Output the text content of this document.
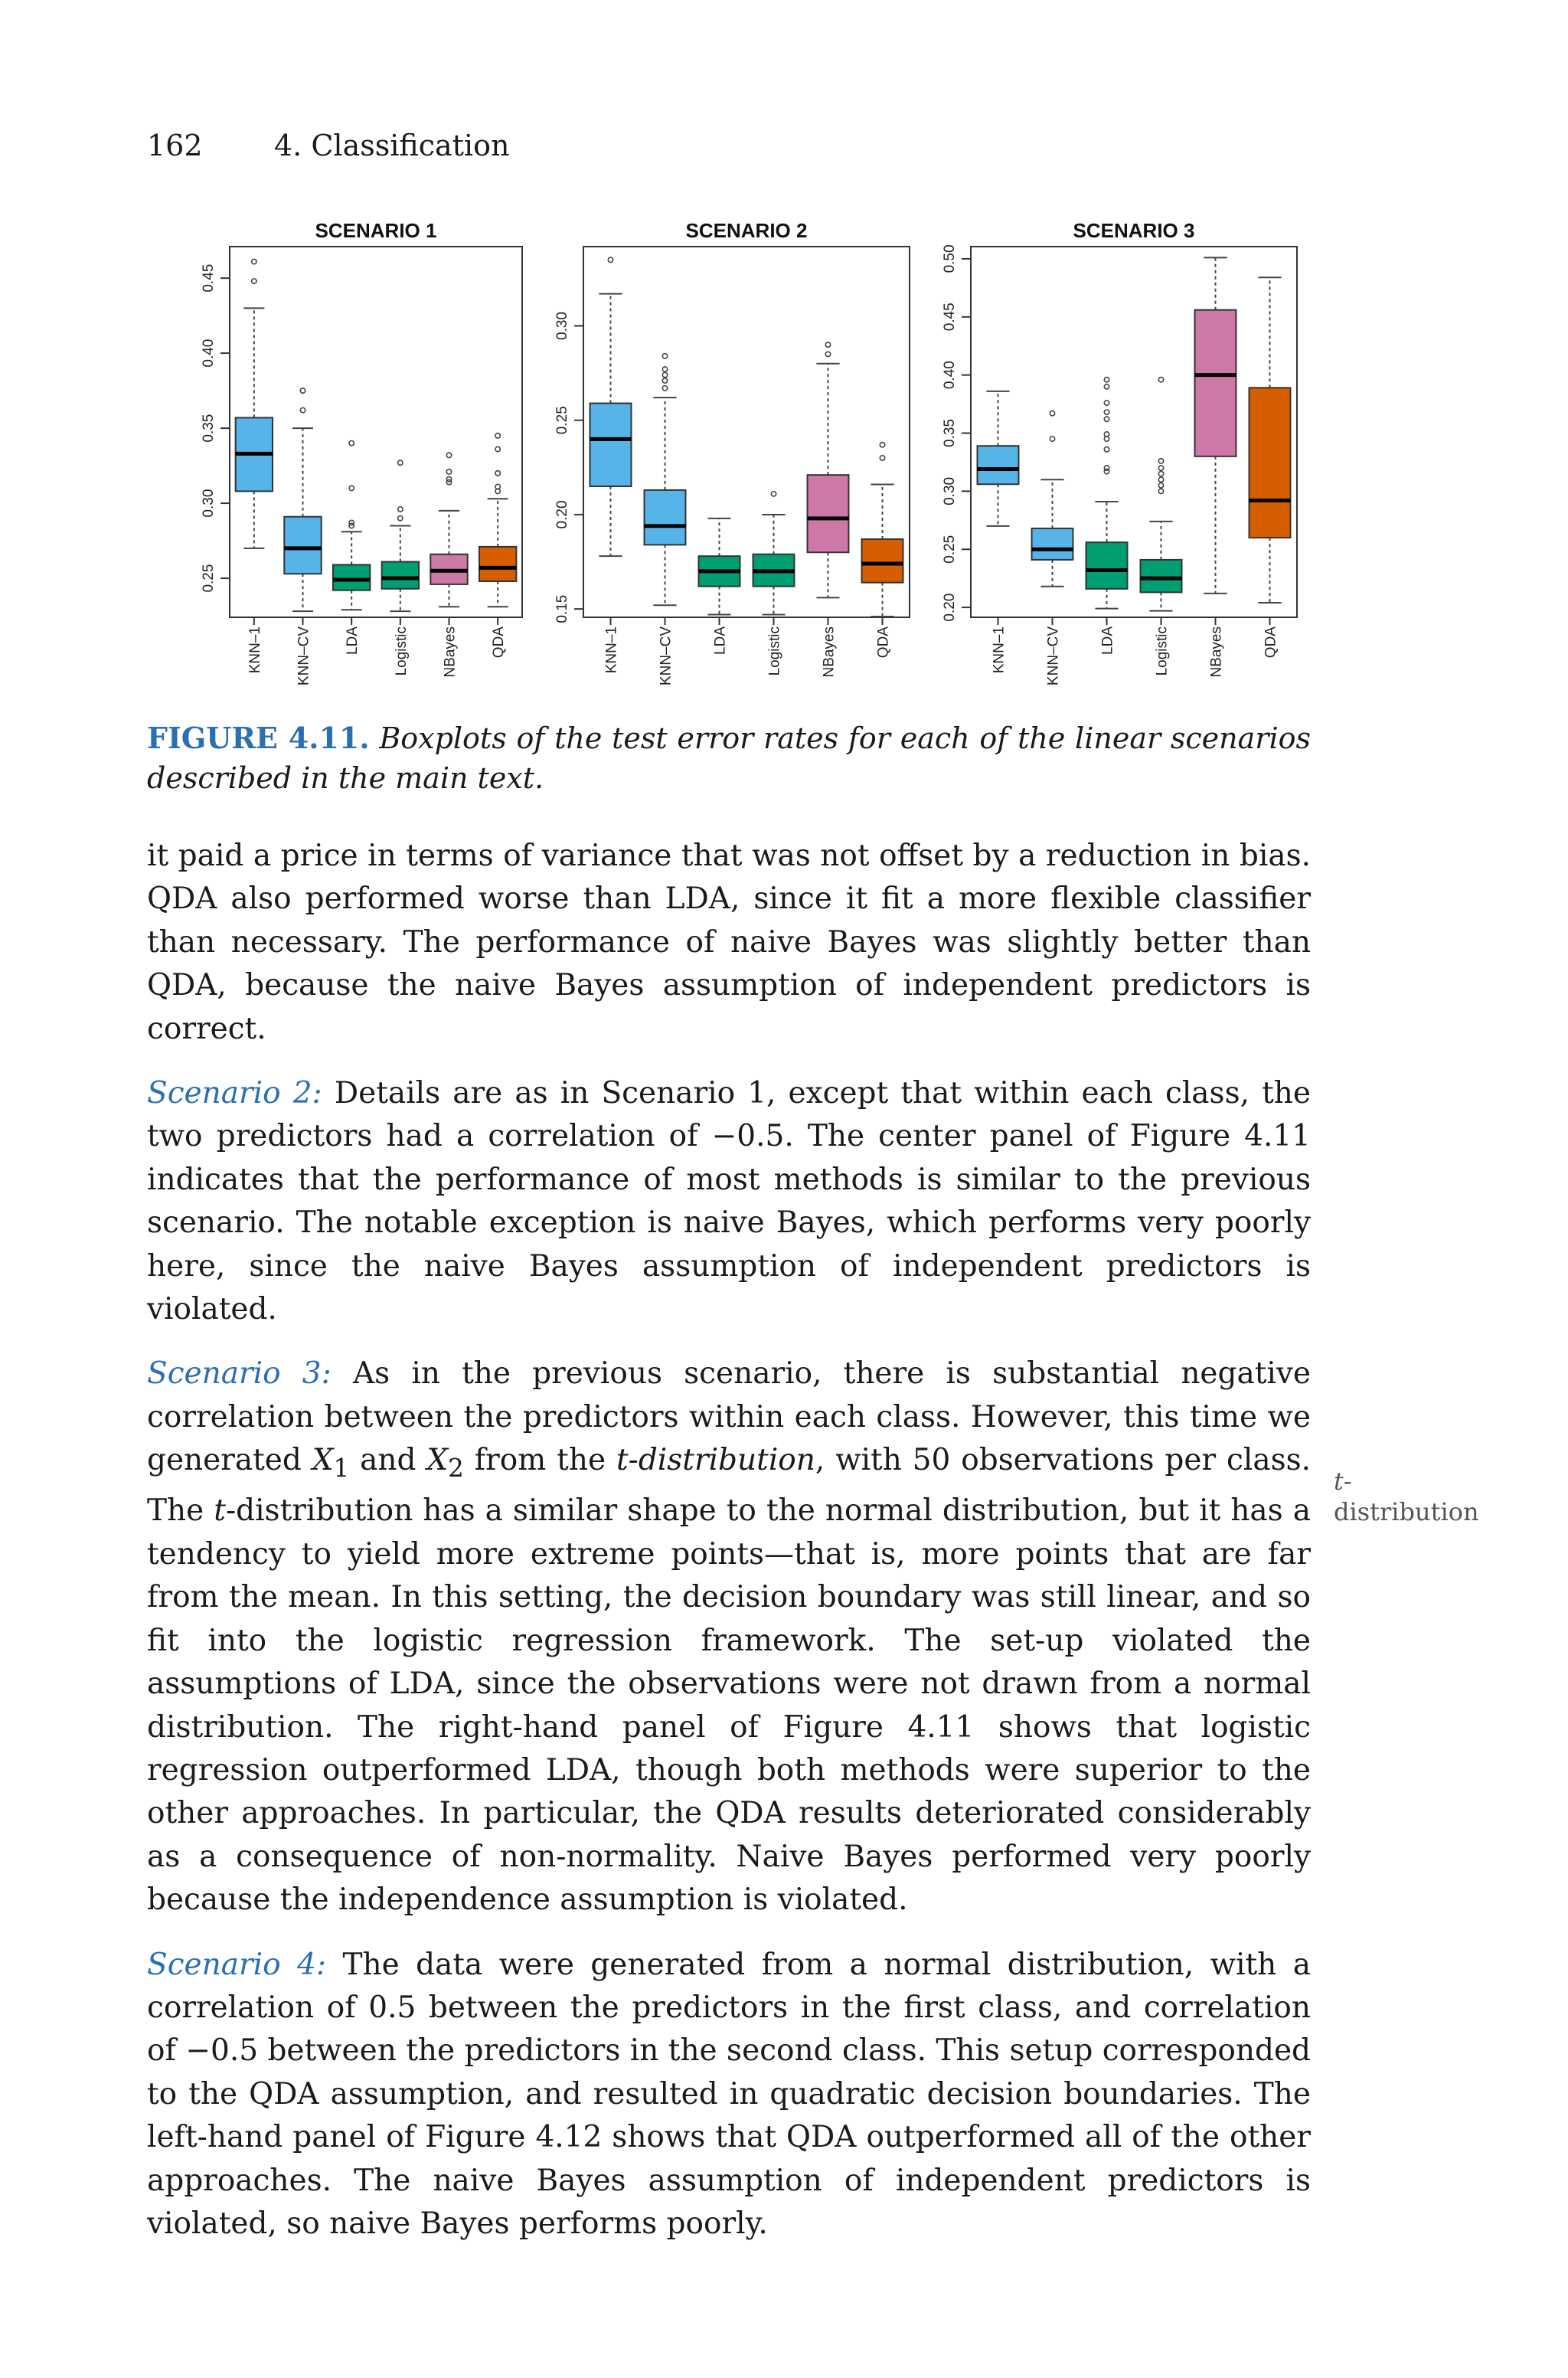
162 4. Classification
SCENARIO 1
0.25
0.30
0.35
0.40
0.45
KNN–1 KNN–CV LDA Logistic NBayes QDA
SCENARIO 2
0.15
0.20
0.25
0.30
KNN–1	KNN–CV	LDA	Logistic	NBayes	QDA
SCENARIO 3
0.20
0.25
0.30
0.35
0.40
0.45
0.50
KNN–1	KNN–CV	LDA	Logistic	NBayes	QDA
FIGURE 4.11. Boxplots of the test error rates for each of the linear scenarios described in the main text.

it paid a price in terms of variance that was not offset by a reduction in bias. QDA also performed worse than LDA, since it fit a more flexible classifier than necessary. The performance of naive Bayes was slightly better than QDA, because the naive Bayes assumption of independent predictors is correct.

Scenario 2: Details are as in Scenario 1, except that within each class, the two predictors had a correlation of −0.5. The center panel of Figure 4.11 indicates that the performance of most methods is similar to the previous scenario. The notable exception is naive Bayes, which performs very poorly here, since the naive Bayes assumption of independent predictors is violated.

Scenario 3: As in the previous scenario, there is substantial negative correlation between the predictors within each class. However, this time we generated $X_1$ and $X_2$ from the t-distribution, with 50 observations per class. The t-distribution has a similar shape to the normal distribution, but it has a tendency to yield more extreme points—that is, more points that are far from the mean. In this setting, the decision boundary was still linear, and so fit into the logistic regression framework. The set-up violated the assumptions of LDA, since the observations were not drawn from a normal distribution. The right-hand panel of Figure 4.11 shows that logistic regression outperformed LDA, though both methods were superior to the other approaches. In particular, the QDA results deteriorated considerably as a consequence of non-normality. Naive Bayes performed very poorly because the independence assumption is violated.

Scenario 4: The data were generated from a normal distribution, with a correlation of 0.5 between the predictors in the first class, and correlation of −0.5 between the predictors in the second class. This setup corresponded to the QDA assumption, and resulted in quadratic decision boundaries. The left-hand panel of Figure 4.12 shows that QDA outperformed all of the other approaches. The naive Bayes assumption of independent predictors is violated, so naive Bayes performs poorly.

t-
distribution
